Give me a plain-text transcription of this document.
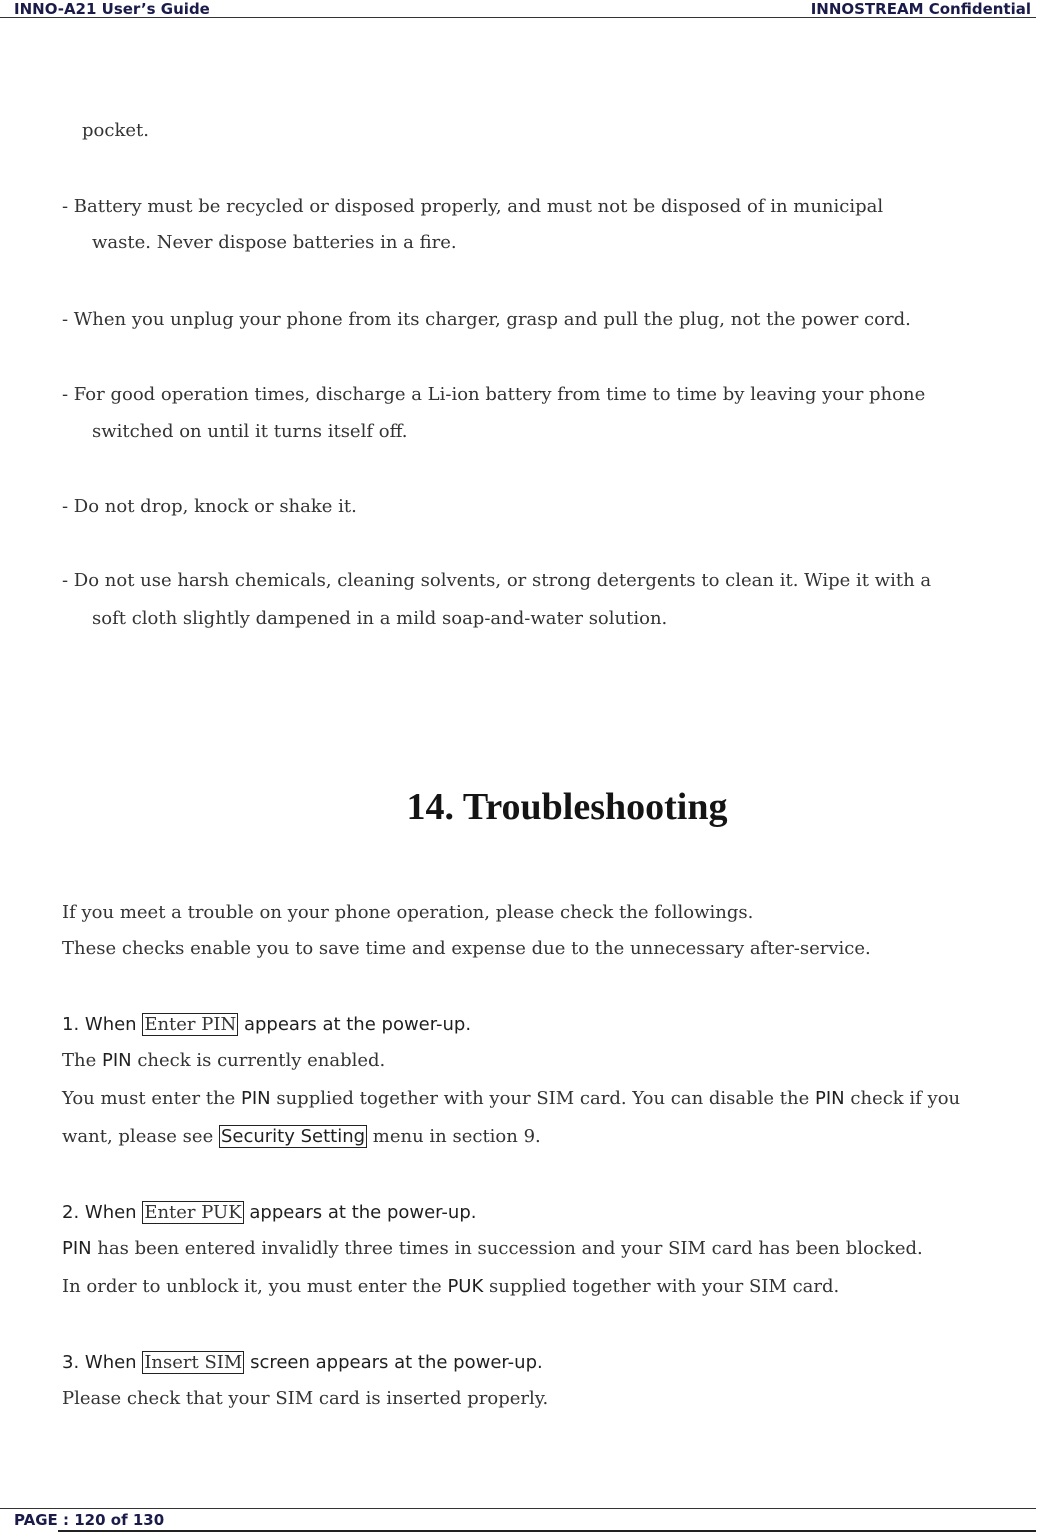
INNO-A21 User’s Guide	INNOSTREAM Confidential
pocket.
- Battery must be recycled or disposed properly, and must not be disposed of in municipal
waste. Never dispose batteries in a fire.
- When you unplug your phone from its charger, grasp and pull the plug, not the power cord.
- For good operation times, discharge a Li-ion battery from time to time by leaving your phone
switched on until it turns itself off.
- Do not drop, knock or shake it.
- Do not use harsh chemicals, cleaning solvents, or strong detergents to clean it. Wipe it with a
soft cloth slightly dampened in a mild soap-and-water solution.
14. Troubleshooting
If you meet a trouble on your phone operation, please check the followings.
These checks enable you to save time and expense due to the unnecessary after-service.
1. When Enter PIN appears at the power-up.
The PIN check is currently enabled.
You must enter the PIN supplied together with your SIM card. You can disable the PIN check if you
want, please see Security Setting menu in section 9.
2. When Enter PUK appears at the power-up.
PIN has been entered invalidly three times in succession and your SIM card has been blocked.
In order to unblock it, you must enter the PUK supplied together with your SIM card.
3. When Insert SIM screen appears at the power-up.
Please check that your SIM card is inserted properly.
PAGE : 120 of 130
